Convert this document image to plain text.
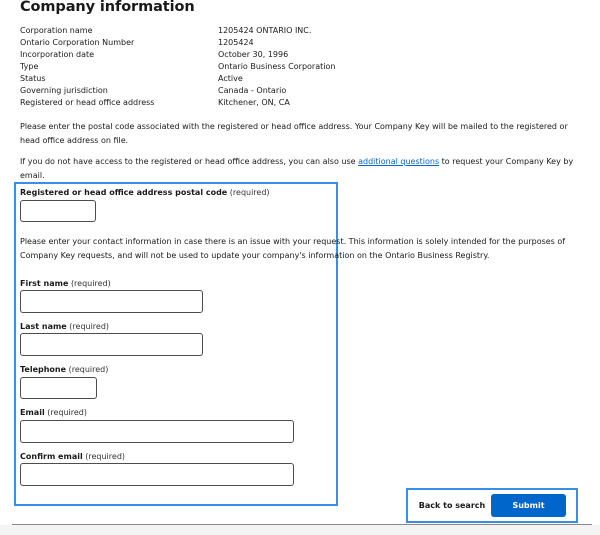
Company information
Corporation name	1205424 ONTARIO INC.
Ontario Corporation Number	1205424
Incorporation date	October 30, 1996
Type	Ontario Business Corporation
Status	Active
Governing jurisdiction	Canada - Ontario
Registered or head office address	Kitchener, ON, CA
Please enter the postal code associated with the registered or head office address. Your Company Key will be mailed to the registered or head office address on file.
If you do not have access to the registered or head office address, you can also use additional questions to request your Company Key by email.
Registered or head office address postal code (required)
Please enter your contact information in case there is an issue with your request. This information is solely intended for the purposes of Company Key requests, and will not be used to update your company's information on the Ontario Business Registry.
First name (required)
Last name (required)
Telephone (required)
Email (required)
Confirm email (required)
Back to search	Submit
